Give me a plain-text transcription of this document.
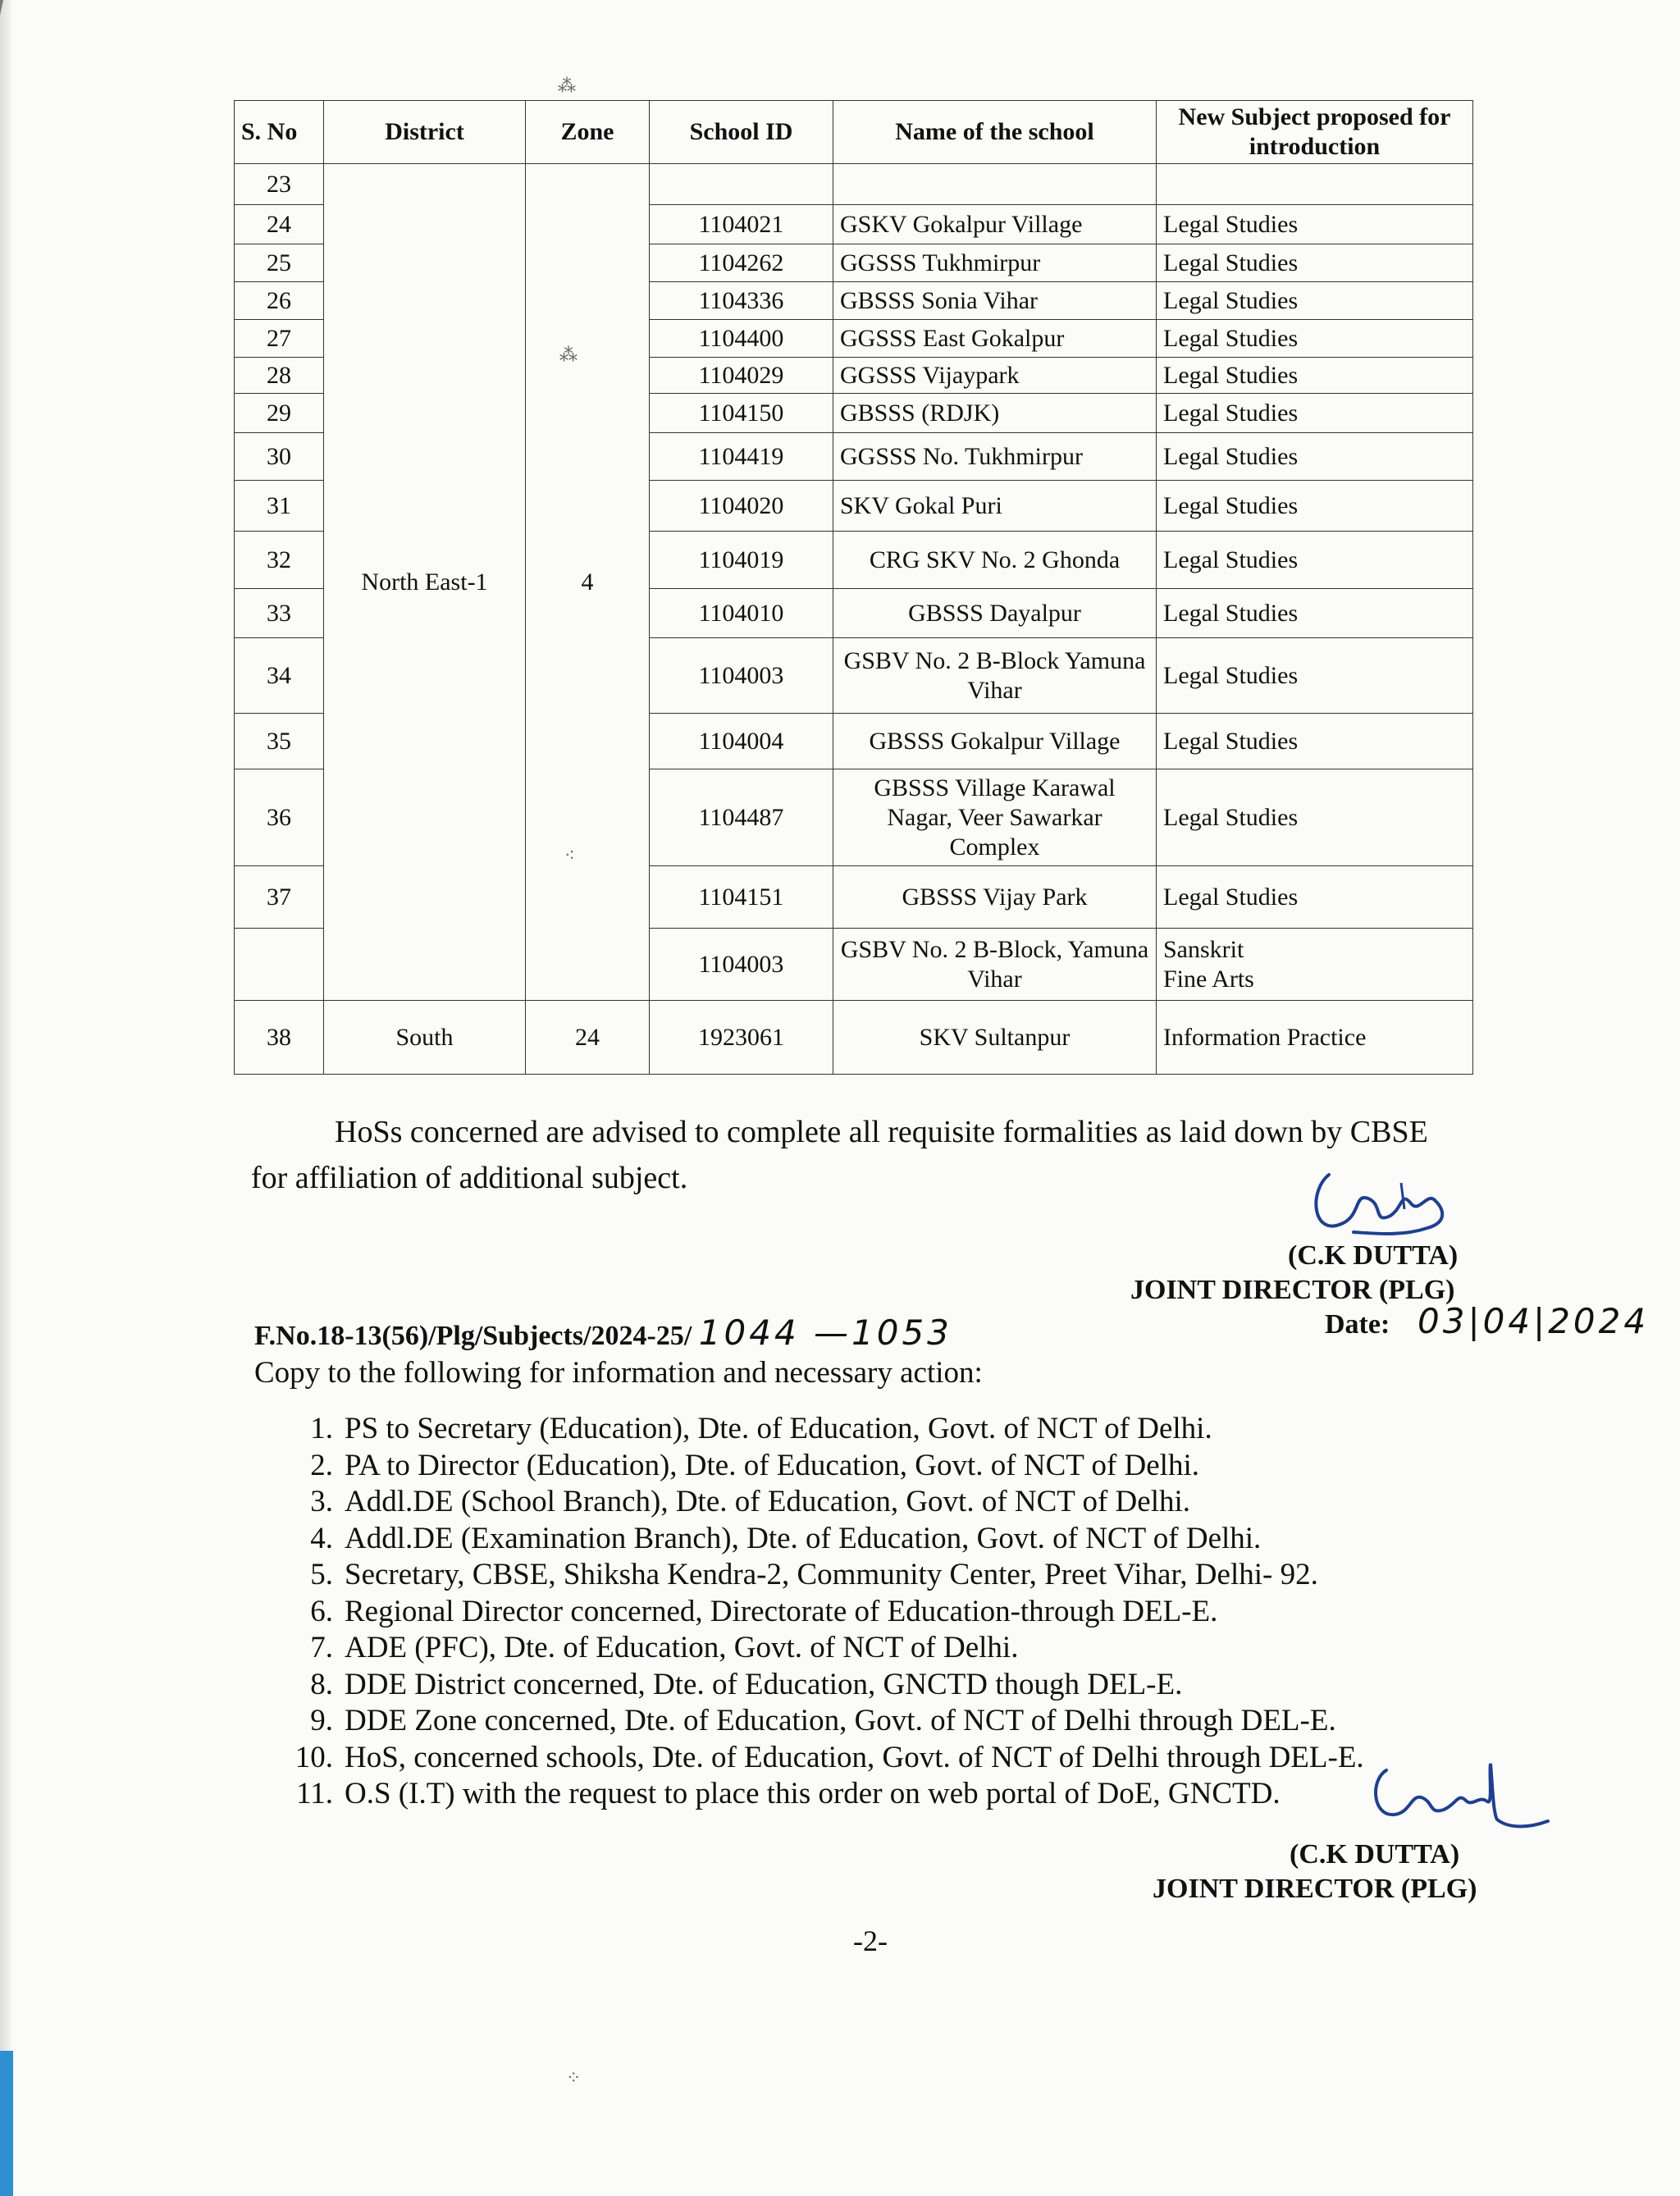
S. No	District	Zone	School ID	Name of the school	New Subject proposed for introduction
23	North East-1	4			
24			1104021	GSKV Gokalpur Village	Legal Studies
25			1104262	GGSSS Tukhmirpur	Legal Studies
26			1104336	GBSSS Sonia Vihar	Legal Studies
27			1104400	GGSSS East Gokalpur	Legal Studies
28			1104029	GGSSS Vijaypark	Legal Studies
29			1104150	GBSSS (RDJK)	Legal Studies
30			1104419	GGSSS No. Tukhmirpur	Legal Studies
31			1104020	SKV Gokal Puri	Legal Studies
32			1104019	CRG SKV No. 2 Ghonda	Legal Studies
33			1104010	GBSSS Dayalpur	Legal Studies
34			1104003	GSBV No. 2 B-Block Yamuna Vihar	Legal Studies
35			1104004	GBSSS Gokalpur Village	Legal Studies
36			1104487	GBSSS Village Karawal Nagar, Veer Sawarkar Complex	Legal Studies
37			1104151	GBSSS Vijay Park	Legal Studies
			1104003	GSBV No. 2 B-Block, Yamuna Vihar	Sanskrit
Fine Arts

38	South	24	1923061	SKV Sultanpur	Information Practice
⁂
⁂
⁖
⁘
HoSs concerned are advised to complete all requisite formalities as laid down by CBSE
for affiliation of additional subject.
(C.K DUTTA)
JOINT DIRECTOR (PLG)
Date: 03|04|2024
F.No.18-13(56)/Plg/Subjects/2024-25/ 1044 —1053
Copy to the following for information and necessary action:
1. PS to Secretary (Education), Dte. of Education, Govt. of NCT of Delhi.
2. PA to Director (Education), Dte. of Education, Govt. of NCT of Delhi.
3. Addl.DE (School Branch), Dte. of Education, Govt. of NCT of Delhi.
4. Addl.DE (Examination Branch), Dte. of Education, Govt. of NCT of Delhi.
5. Secretary, CBSE, Shiksha Kendra-2, Community Center, Preet Vihar, Delhi- 92.
6. Regional Director concerned, Directorate of Education-through DEL-E.
7. ADE (PFC), Dte. of Education, Govt. of NCT of Delhi.
8. DDE District concerned, Dte. of Education, GNCTD though DEL-E.
9. DDE Zone concerned, Dte. of Education, Govt. of NCT of Delhi through DEL-E.
10. HoS, concerned schools, Dte. of Education, Govt. of NCT of Delhi through DEL-E.
11. O.S (I.T) with the request to place this order on web portal of DoE, GNCTD.
(C.K DUTTA)
JOINT DIRECTOR (PLG)
-2-
